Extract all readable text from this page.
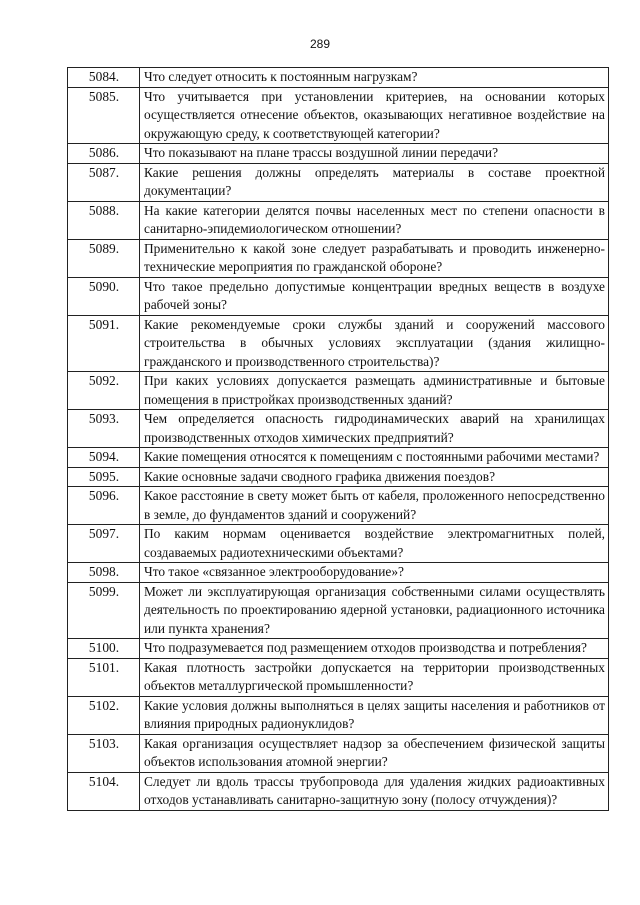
289
5084.	Что следует относить к постоянным нагрузкам?
5085.	Что учитывается при установлении критериев, на основании которых осуществляется отнесение объектов, оказывающих негативное воздействие на окружающую среду, к соответствующей категории?
5086.	Что показывают на плане трассы воздушной линии передачи?
5087.	Какие решения должны определять материалы в составе проектной документации?
5088.	На какие категории делятся почвы населенных мест по степени опасности в санитарно-эпидемиологическом отношении?
5089.	Применительно к какой зоне следует разрабатывать и проводить инженерно-технические мероприятия по гражданской обороне?
5090.	Что такое предельно допустимые концентрации вредных веществ в воздухе рабочей зоны?
5091.	Какие рекомендуемые сроки службы зданий и сооружений массового строительства в обычных условиях эксплуатации (здания жилищно-гражданского и производственного строительства)?
5092.	При каких условиях допускается размещать административные и бытовые помещения в пристройках производственных зданий?
5093.	Чем определяется опасность гидродинамических аварий на хранилищах производственных отходов химических предприятий?
5094.	Какие помещения относятся к помещениям с постоянными рабочими местами?
5095.	Какие основные задачи сводного графика движения поездов?
5096.	Какое расстояние в свету может быть от кабеля, проложенного непосредственно в земле, до фундаментов зданий и сооружений?
5097.	По каким нормам оценивается воздействие электромагнитных полей, создаваемых радиотехническими объектами?
5098.	Что такое «связанное электрооборудование»?
5099.	Может ли эксплуатирующая организация собственными силами осуществлять деятельность по проектированию ядерной установки, радиационного источника или пункта хранения?
5100.	Что подразумевается под размещением отходов производства и потребления?
5101.	Какая плотность застройки допускается на территории производственных объектов металлургической промышленности?
5102.	Какие условия должны выполняться в целях защиты населения и работников от влияния природных радионуклидов?
5103.	Какая организация осуществляет надзор за обеспечением физической защиты объектов использования атомной энергии?
5104.	Следует ли вдоль трассы трубопровода для удаления жидких радиоактивных отходов устанавливать санитарно-защитную зону (полосу отчуждения)?
